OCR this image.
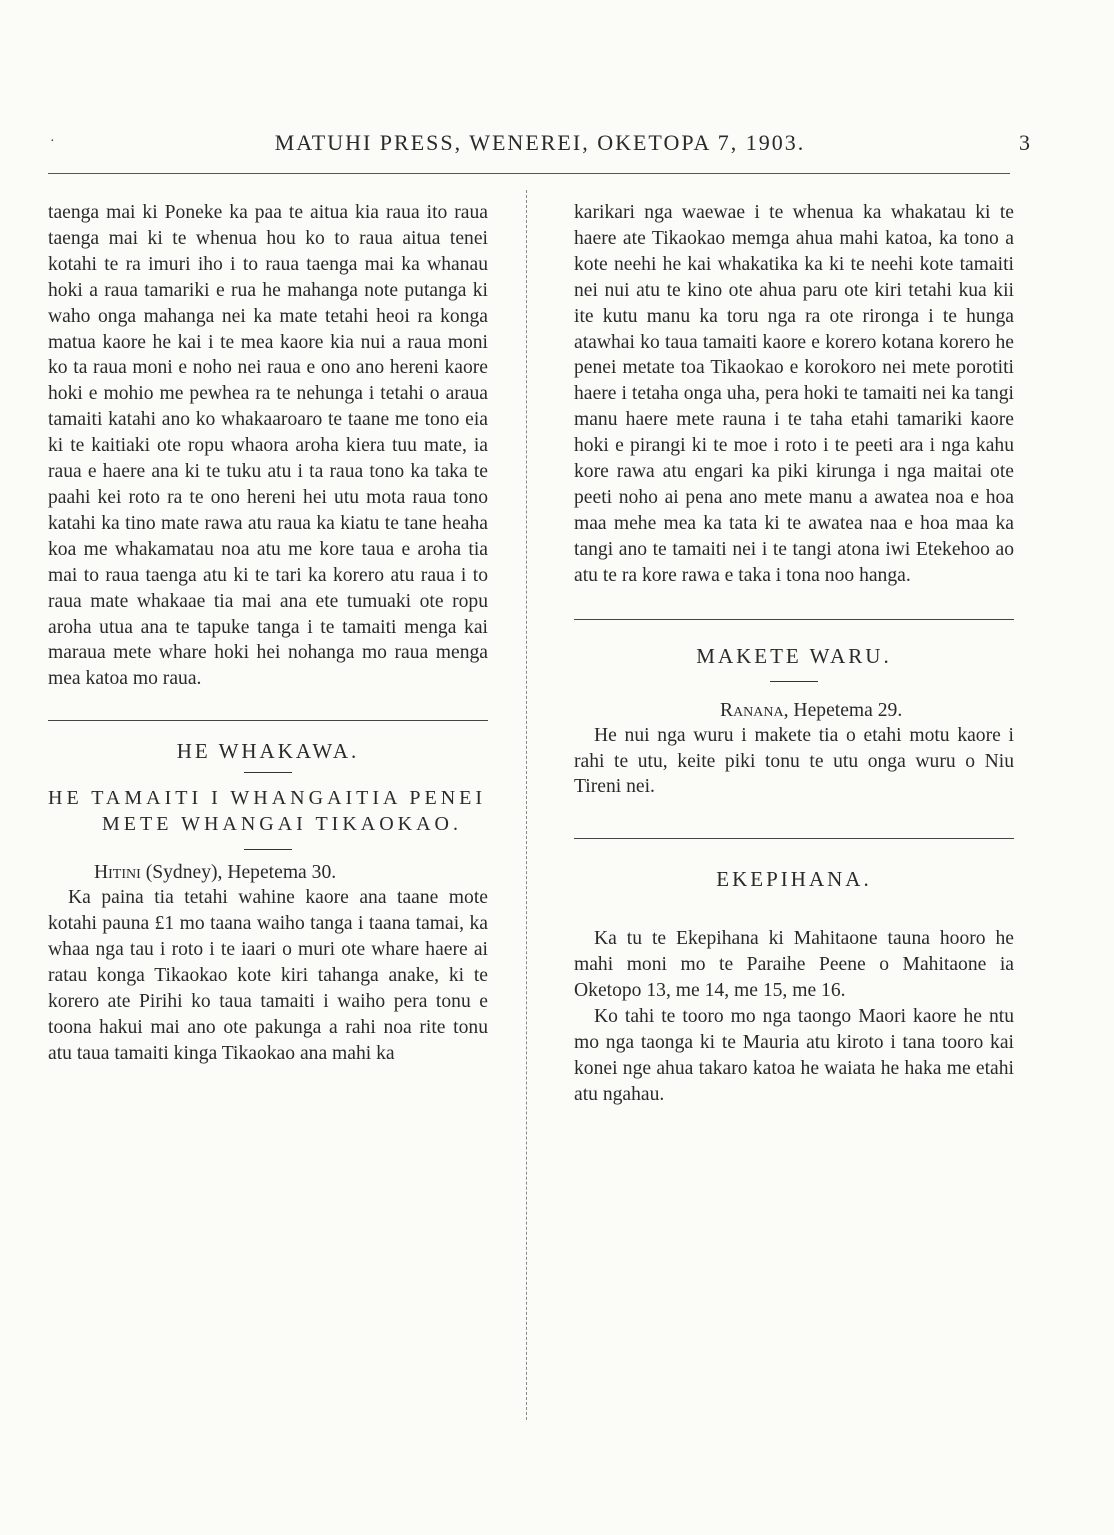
·	MATUHI PRESS, WENEREI, OKETOPA 7, 1903.	3

taenga mai ki Poneke ka paa te aitua kia raua ito raua taenga mai ki te whenua hou ko to raua aitua tenei kotahi te ra imuri iho i to raua taenga mai ka whanau hoki a raua tamariki e rua he mahanga note putanga ki waho onga mahanga nei ka mate tetahi heoi ra konga matua kaore he kai i te mea kaore kia nui a raua moni ko ta raua moni e noho nei raua e ono ano hereni kaore hoki e mohio me pewhea ra te nehunga i tetahi o araua tamaiti katahi ano ko whakaaroaro te taane me tono eia ki te kaitiaki ote ropu whaora aroha kiera tuu mate, ia raua e haere ana ki te tuku atu i ta raua tono ka taka te paahi kei roto ra te ono hereni hei utu mota raua tono katahi ka tino mate rawa atu raua ka kiatu te tane heaha koa me whakamatau noa atu me kore taua e aroha tia mai to raua taenga atu ki te tari ka korero atu raua i to raua mate whakaae tia mai ana ete tumuaki ote ropu aroha utua ana te tapuke tanga i te tamaiti menga kai maraua mete whare hoki hei nohanga mo raua menga mea katoa mo raua.

HE WHAKAWA.

HE TAMAITI I WHANGAITIA PENEI METE WHANGAI TIKAOKAO.

Hitini (Sydney), Hepetema 30.

Ka paina tia tetahi wahine kaore ana taane mote kotahi pauna £1 mo taana waiho tanga i taana tamai, ka whaa nga tau i roto i te iaari o muri ote whare haere ai ratau konga Tikaokao kote kiri tahanga anake, ki te korero ate Pirihi ko taua tamaiti i waiho pera tonu e toona hakui mai ano ote pakunga a rahi noa rite tonu atu taua tamaiti kinga Tikaokao ana mahi ka

karikari nga waewae i te whenua ka whakatau ki te haere ate Tikaokao memga ahua mahi katoa, ka tono a kote neehi he kai whakatika ka ki te neehi kote tamaiti nei nui atu te kino ote ahua paru ote kiri tetahi kua kii ite kutu manu ka toru nga ra ote rironga i te hunga atawhai ko taua tamaiti kaore e korero kotana korero he penei metate toa Tikaokao e korokoro nei mete porotiti haere i tetaha onga uha, pera hoki te tamaiti nei ka tangi manu haere mete rauna i te taha etahi tamariki kaore hoki e pirangi ki te moe i roto i te peeti ara i nga kahu kore rawa atu engari ka piki kirunga i nga maitai ote peeti noho ai pena ano mete manu a awatea noa e hoa maa mehe mea ka tata ki te awatea naa e hoa maa ka tangi ano te tamaiti nei i te tangi atona iwi Etekehoo ao atu te ra kore rawa e taka i tona noo hanga.

MAKETE WARU.

Ranana, Hepetema 29.

He nui nga wuru i makete tia o etahi motu kaore i rahi te utu, keite piki tonu te utu onga wuru o Niu Tireni nei.

EKEPIHANA.

Ka tu te Ekepihana ki Mahitaone tauna hooro he mahi moni mo te Paraihe Peene o Mahitaone ia Oketopo 13, me 14, me 15, me 16.

Ko tahi te tooro mo nga taongo Maori kaore he ntu mo nga taonga ki te Mauria atu kiroto i tana tooro kai konei nge ahua takaro katoa he waiata he haka me etahi atu ngahau.
